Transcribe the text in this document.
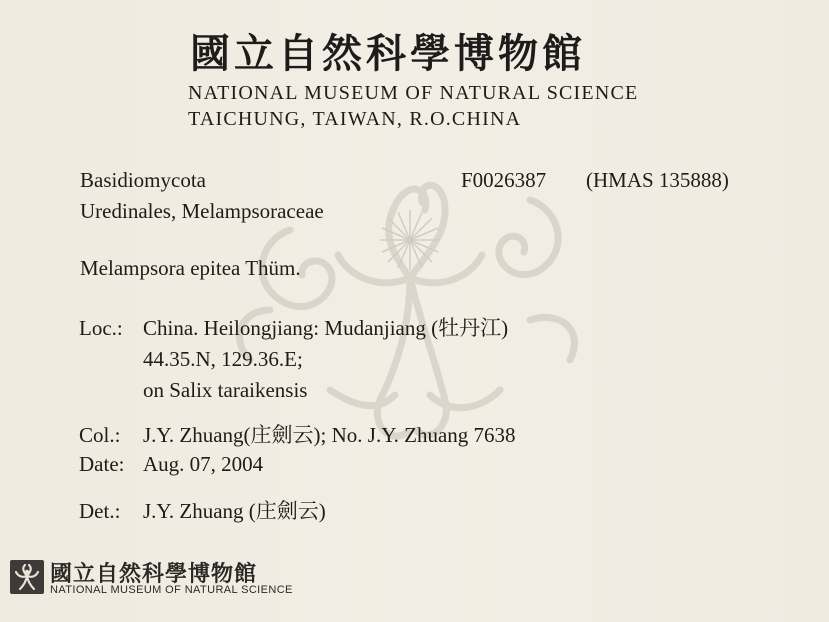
國立自然科學博物館
NATIONAL MUSEUM OF NATURAL SCIENCE
TAICHUNG, TAIWAN, R.O.CHINA
Basidiomycota	F0026387 (HMAS 135888)
Uredinales, Melampsoraceae
Melampsora epitea Thüm.
Loc.: China. Heilongjiang: Mudanjiang (牡丹江)
44.35.N, 129.36.E;
on Salix taraikensis
Col.: J.Y. Zhuang(庄劍云); No. J.Y. Zhuang 7638
Date: Aug. 07, 2004
Det.: J.Y. Zhuang (庄劍云)
國立自然科學博物館
NATIONAL MUSEUM OF NATURAL SCIENCE
